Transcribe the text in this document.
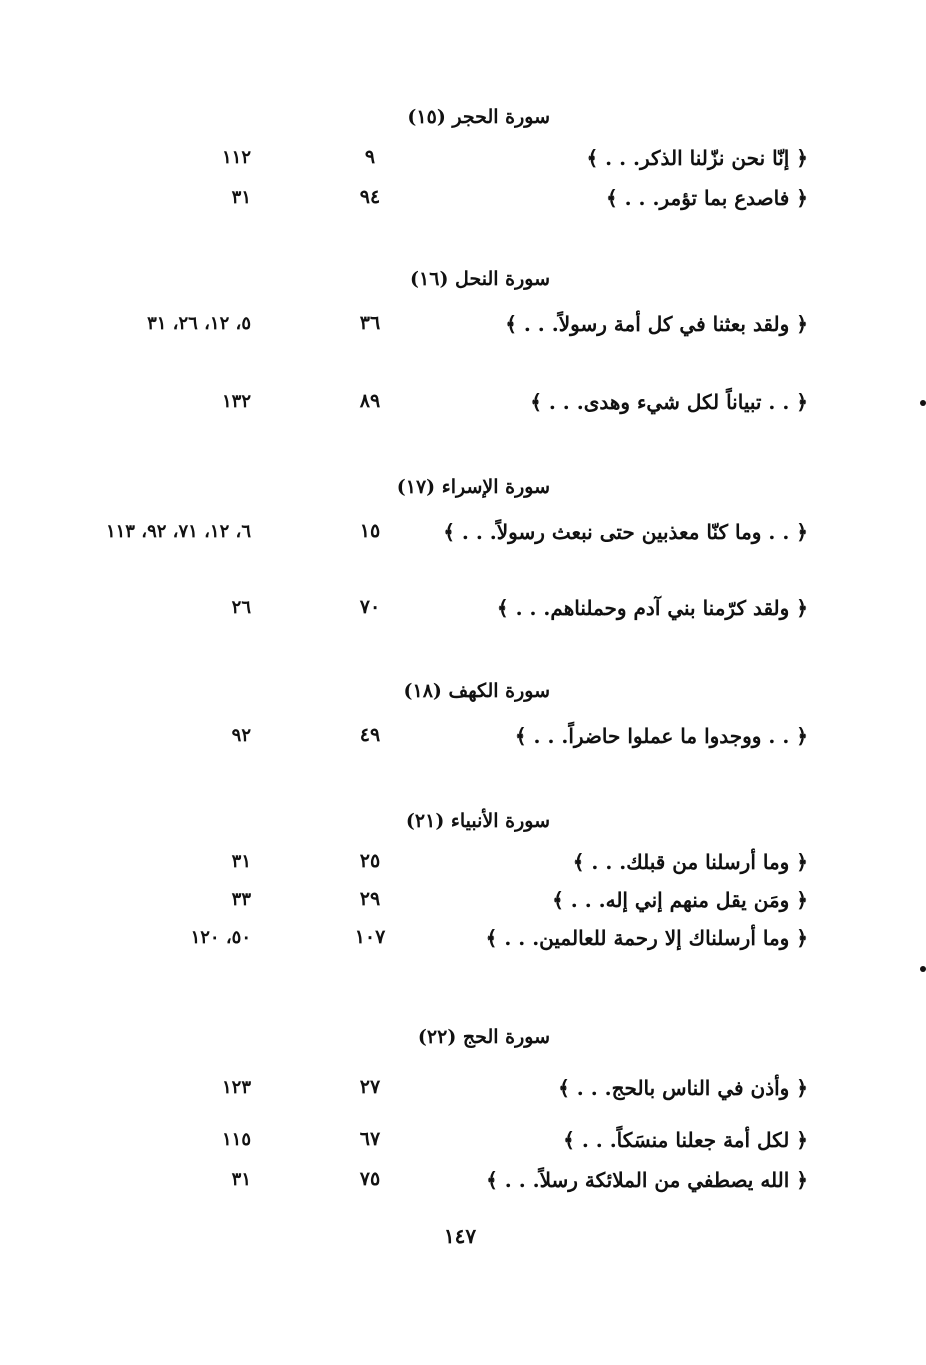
سورة الحجر (١٥)
﴿ إنّا نحن نزّلنا الذكر. . . ﴾
٩
١١٢
﴿ فاصدع بما تؤمر. . . ﴾
٩٤
٣١
سورة النحل (١٦)
﴿ ولقد بعثنا في كل أمة رسولاً. . . ﴾
٣٦
٥، ١٢، ٢٦، ٣١
﴿ . . تبياناً لكل شيء وهدى. . . ﴾
٨٩
١٣٢
سورة الإسراء (١٧)
﴿ . . وما كنّا معذبين حتى نبعث رسولاً. . . ﴾
١٥
٦، ١٢، ٧١، ٩٢، ١١٣
﴿ ولقد كرّمنا بني آدم وحملناهم. . . ﴾
٧٠
٢٦
سورة الكهف (١٨)
﴿ . . ووجدوا ما عملوا حاضراً. . . ﴾
٤٩
٩٢
سورة الأنبياء (٢١)
﴿ وما أرسلنا من قبلك. . . ﴾
٢٥
٣١
﴿ ومَن يقل منهم إني إله. . . ﴾
٢٩
٣٣
﴿ وما أرسلناك إلا رحمة للعالمين. . . ﴾
١٠٧
٥٠، ١٢٠
سورة الحج (٢٢)
﴿ وأذن في الناس بالحج. . . ﴾
٢٧
١٢٣
﴿ لكل أمة جعلنا منسَكاً. . . ﴾
٦٧
١١٥
﴿ الله يصطفي من الملائكة رسلاً. . . ﴾
٧٥
٣١
١٤٧
